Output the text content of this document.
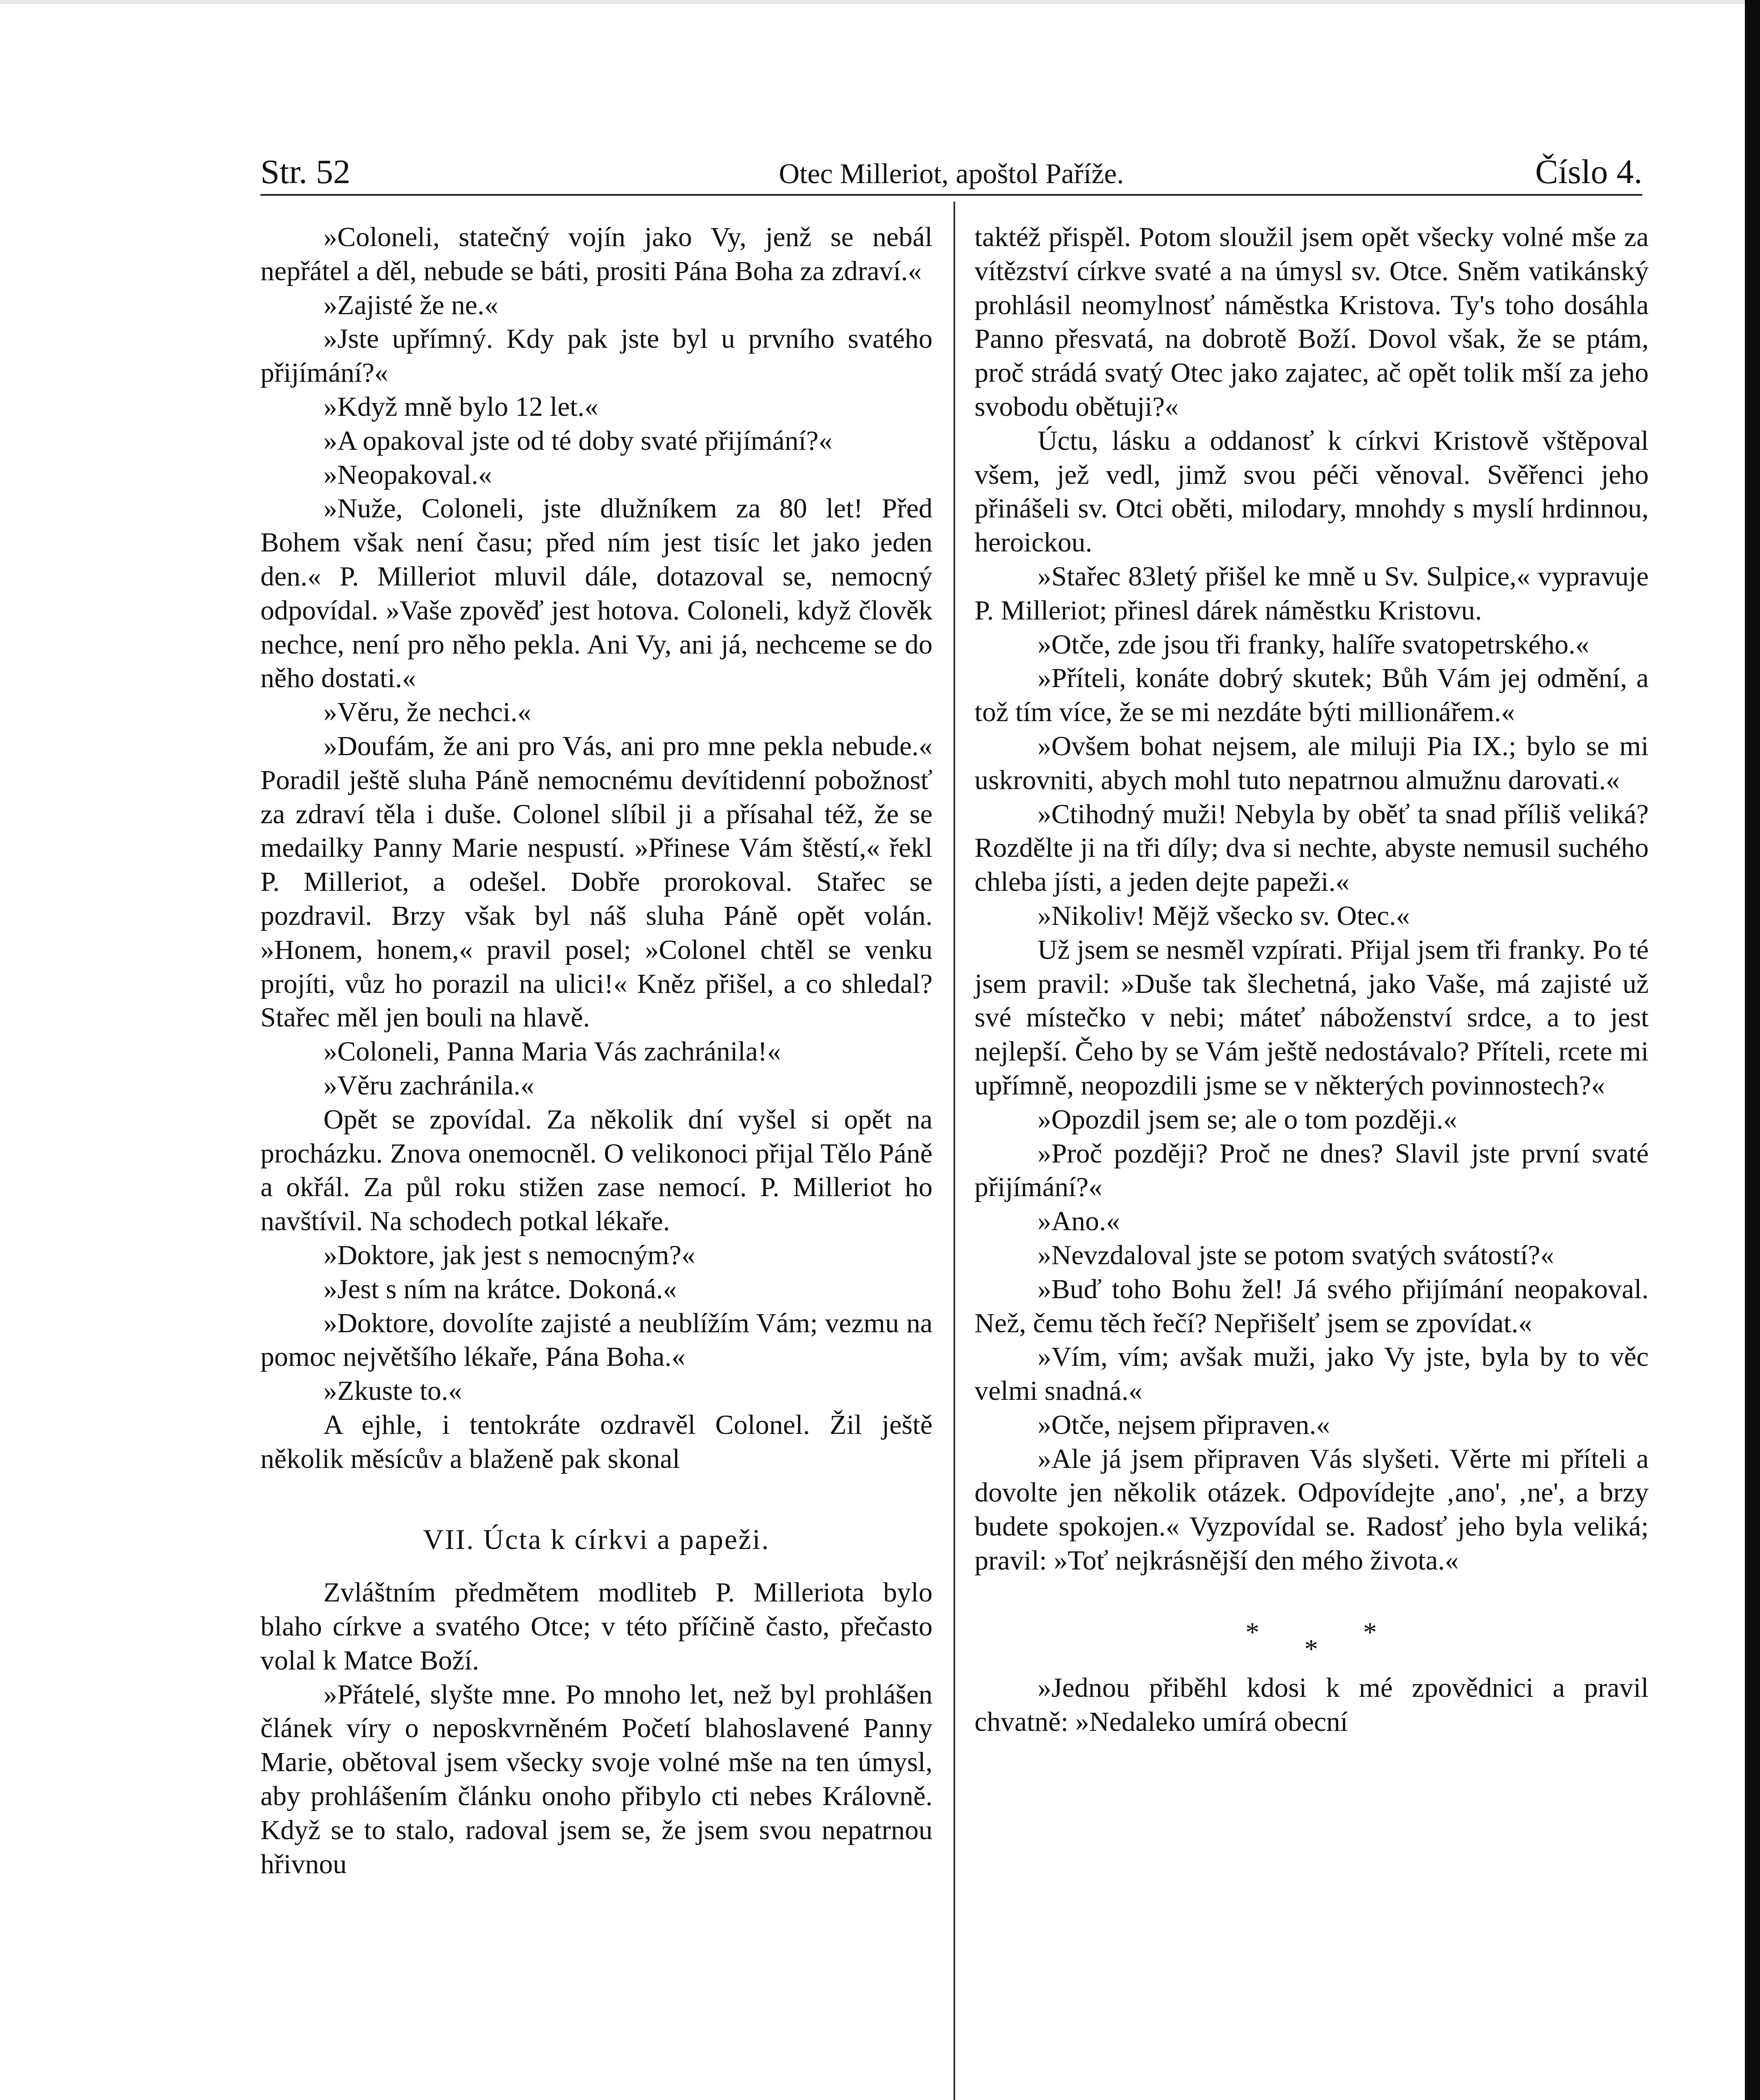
Otec Milleriot, apoštol Paříže.
Str. 52	Číslo 4.

»Coloneli, statečný vojín jako Vy, jenž se nebál nepřátel a děl, nebude se báti, prositi Pána Boha za zdraví.«

»Zajisté že ne.«

»Jste upřímný. Kdy pak jste byl u prvního svatého přijímání?«

»Když mně bylo 12 let.«

»A opakoval jste od té doby svaté přijímání?«

»Neopakoval.«

»Nuže, Coloneli, jste dlužníkem za 80 let! Před Bohem však není času; před ním jest tisíc let jako jeden den.« P. Milleriot mluvil dále, dotazoval se, nemocný odpovídal. »Vaše zpověď jest hotova. Coloneli, když člověk nechce, není pro něho pekla. Ani Vy, ani já, nechceme se do něho dostati.«

»Věru, že nechci.«

»Doufám, že ani pro Vás, ani pro mne pekla nebude.« Poradil ještě sluha Páně nemocnému devítidenní pobožnosť za zdraví těla i duše. Colonel slíbil ji a přísahal též, že se medailky Panny Marie nespustí. »Přinese Vám štěstí,« řekl P. Milleriot, a odešel. Dobře prorokoval. Stařec se pozdravil. Brzy však byl náš sluha Páně opět volán. »Honem, honem,« pravil posel; »Colonel chtěl se venku projíti, vůz ho porazil na ulici!« Kněz přišel, a co shledal? Stařec měl jen bouli na hlavě.

»Coloneli, Panna Maria Vás zachránila!«

»Věru zachránila.«

Opět se zpovídal. Za několik dní vyšel si opět na procházku. Znova onemocněl. O velikonoci přijal Tělo Páně a okřál. Za půl roku stižen zase nemocí. P. Milleriot ho navštívil. Na schodech potkal lékaře.

»Doktore, jak jest s nemocným?«

»Jest s ním na krátce. Dokoná.«

»Doktore, dovolíte zajisté a neublížím Vám; vezmu na pomoc největšího lékaře, Pána Boha.«

»Zkuste to.«

A ejhle, i tentokráte ozdravěl Colonel. Žil ještě několik měsícův a blaženě pak skonal

VII. Úcta k církvi a papeži.

Zvláštním předmětem modliteb P. Milleriota bylo blaho církve a svatého Otce; v této příčině často, přečasto volal k Matce Boží.

»Přátelé, slyšte mne. Po mnoho let, než byl prohlášen článek víry o neposkvrněném Početí blahoslavené Panny Marie, obětoval jsem všecky svoje volné mše na ten úmysl, aby prohlášením článku onoho přibylo cti nebes Královně. Když se to stalo, radoval jsem se, že jsem svou nepatrnou hřivnou

taktéž přispěl. Potom sloužil jsem opět všecky volné mše za vítězství církve svaté a na úmysl sv. Otce. Sněm vatikánský prohlásil neomylnosť náměstka Kristova. Ty's toho dosáhla Panno přesvatá, na dobrotě Boží. Dovol však, že se ptám, proč strádá svatý Otec jako zajatec, ač opět tolik mší za jeho svobodu obětuji?«

Úctu, lásku a oddanosť k církvi Kristově vštěpoval všem, jež vedl, jimž svou péči věnoval. Svěřenci jeho přinášeli sv. Otci oběti, milodary, mnohdy s myslí hrdinnou, heroickou.

»Stařec 83letý přišel ke mně u Sv. Sulpice,« vypravuje P. Milleriot; přinesl dárek náměstku Kristovu.

»Otče, zde jsou tři franky, halíře svatopetrského.«

»Příteli, konáte dobrý skutek; Bůh Vám jej odmění, a tož tím více, že se mi nezdáte býti millionářem.«

»Ovšem bohat nejsem, ale miluji Pia IX.; bylo se mi uskrovniti, abych mohl tuto nepatrnou almužnu darovati.«

»Ctihodný muži! Nebyla by oběť ta snad příliš veliká? Rozdělte ji na tři díly; dva si nechte, abyste nemusil suchého chleba jísti, a jeden dejte papeži.«

»Nikoliv! Mějž všecko sv. Otec.«

Už jsem se nesměl vzpírati. Přijal jsem tři franky. Po té jsem pravil: »Duše tak šlechetná, jako Vaše, má zajisté už své místečko v nebi; máteť náboženství srdce, a to jest nejlepší. Čeho by se Vám ještě nedostávalo? Příteli, rcete mi upřímně, neopozdili jsme se v některých povinnostech?«

»Opozdil jsem se; ale o tom později.«

»Proč později? Proč ne dnes? Slavil jste první svaté přijímání?«

»Ano.«

»Nevzdaloval jste se potom svatých svátostí?«

»Buď toho Bohu žel! Já svého přijímání neopakoval. Než, čemu těch řečí? Nepřišelť jsem se zpovídat.«

»Vím, vím; avšak muži, jako Vy jste, byla by to věc velmi snadná.«

»Otče, nejsem připraven.«

»Ale já jsem připraven Vás slyšeti. Věrte mi příteli a dovolte jen několik otázek. Odpovídejte ‚ano', ‚ne', a brzy budete spokojen.« Vyzpovídal se. Radosť jeho byla veliká; pravil: »Toť nejkrásnější den mého života.«

*
*
*

»Jednou přiběhl kdosi k mé zpovědnici a pravil chvatně: »Nedaleko umírá obecní
